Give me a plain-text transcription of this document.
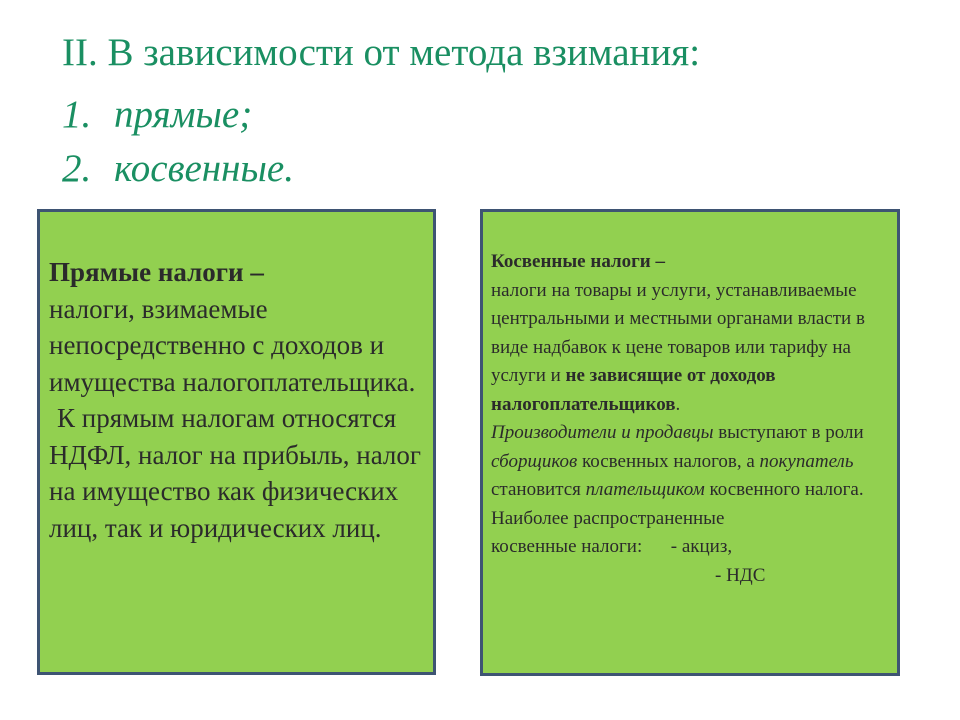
II. В зависимости от метода взимания:
1. прямые;
2. косвенные.
Прямые налоги –

налоги, взимаемые непосредственно с доходов и имущества налогоплательщика.

К прямым налогам относятся НДФЛ, налог на прибыль, налог на имущество как физических лиц, так и юридических лиц.

Косвенные налоги –

налоги на товары и услуги, устанавливаемые центральными и местными органами власти в виде надбавок к цене товаров или тарифу на услуги и не зависящие от доходов налогоплательщиков.

Производители и продавцы выступают в роли сборщиков косвенных налогов, а покупатель становится плательщиком косвенного налога.

Наиболее распространенные

косвенные налоги: - акциз,
- НДС
